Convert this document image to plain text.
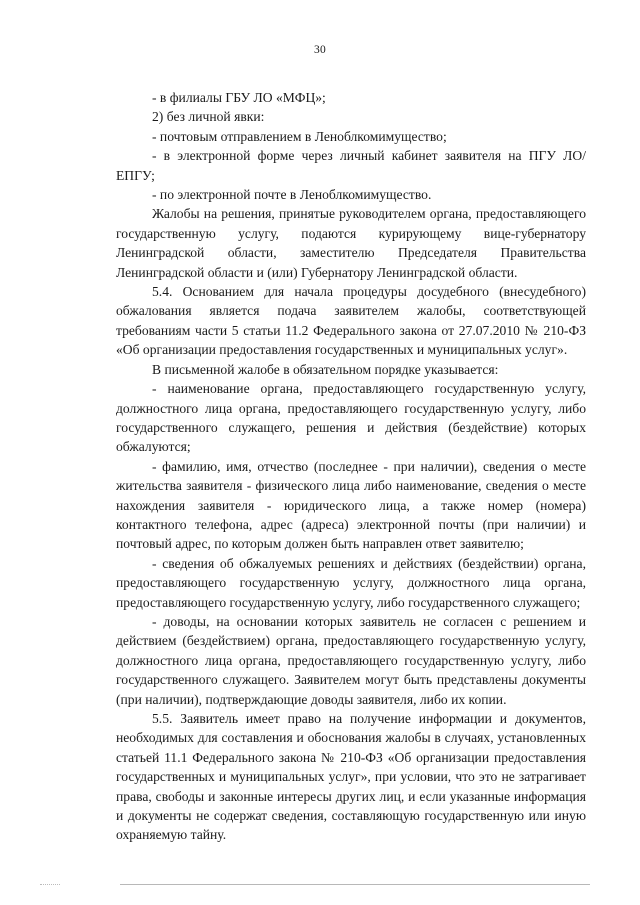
30

- в филиалы ГБУ ЛО «МФЦ»;

2) без личной явки:

- почтовым отправлением в Леноблкомимущество;

- в электронной форме через личный кабинет заявителя на ПГУ ЛО/ ЕПГУ;

- по электронной почте в Леноблкомимущество.

Жалобы на решения, принятые руководителем органа, предоставляющего государственную услугу, подаются курирующему вице-губернатору Ленинградской области, заместителю Председателя Правительства Ленинградской области и (или) Губернатору Ленинградской области.

5.4. Основанием для начала процедуры досудебного (внесудебного) обжалования является подача заявителем жалобы, соответствующей требованиям части 5 статьи 11.2 Федерального закона от 27.07.2010 № 210-ФЗ «Об организации предоставления государственных и муниципальных услуг».

В письменной жалобе в обязательном порядке указывается:

- наименование органа, предоставляющего государственную услугу, должностного лица органа, предоставляющего государственную услугу, либо государственного служащего, решения и действия (бездействие) которых обжалуются;

- фамилию, имя, отчество (последнее - при наличии), сведения о месте жительства заявителя - физического лица либо наименование, сведения о месте нахождения заявителя - юридического лица, а также номер (номера) контактного телефона, адрес (адреса) электронной почты (при наличии) и почтовый адрес, по которым должен быть направлен ответ заявителю;

- сведения об обжалуемых решениях и действиях (бездействии) органа, предоставляющего государственную услугу, должностного лица органа, предоставляющего государственную услугу, либо государственного служащего;

- доводы, на основании которых заявитель не согласен с решением и действием (бездействием) органа, предоставляющего государственную услугу, должностного лица органа, предоставляющего государственную услугу, либо государственного служащего. Заявителем могут быть представлены документы (при наличии), подтверждающие доводы заявителя, либо их копии.

5.5. Заявитель имеет право на получение информации и документов, необходимых для составления и обоснования жалобы в случаях, установленных статьей 11.1 Федерального закона № 210-ФЗ «Об организации предоставления государственных и муниципальных услуг», при условии, что это не затрагивает права, свободы и законные интересы других лиц, и если указанные информация и документы не содержат сведения, составляющую государственную или иную охраняемую тайну.
